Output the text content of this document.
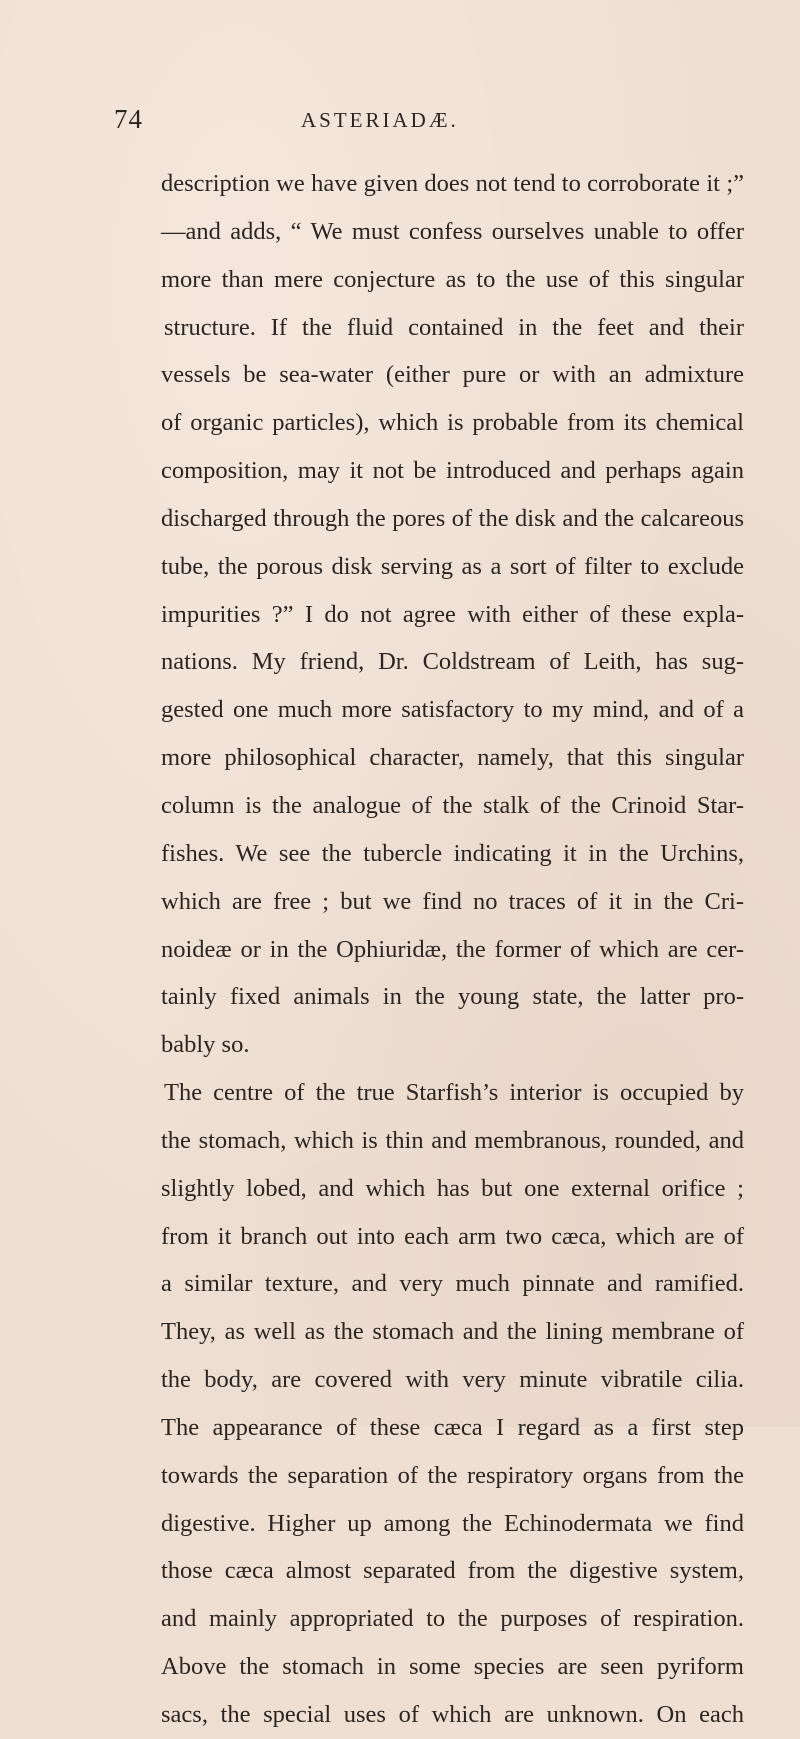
74	ASTERIADÆ.
description we have given does not tend to corroborate it ;”
—and adds, “ We must confess ourselves unable to offer
more than mere conjecture as to the use of this singular
structure. If the fluid contained in the feet and their
vessels be sea-water (either pure or with an admixture
of organic particles), which is probable from its chemical
composition, may it not be introduced and perhaps again
discharged through the pores of the disk and the calcareous
tube, the porous disk serving as a sort of filter to exclude
impurities ?” I do not agree with either of these expla-
nations. My friend, Dr. Coldstream of Leith, has sug-
gested one much more satisfactory to my mind, and of a
more philosophical character, namely, that this singular
column is the analogue of the stalk of the Crinoid Star-
fishes. We see the tubercle indicating it in the Urchins,
which are free ; but we find no traces of it in the Cri-
noideæ or in the Ophiuridæ, the former of which are cer-
tainly fixed animals in the young state, the latter pro-
bably so.
The centre of the true Starfish’s interior is occupied by
the stomach, which is thin and membranous, rounded, and
slightly lobed, and which has but one external orifice ;
from it branch out into each arm two cæca, which are of
a similar texture, and very much pinnate and ramified.
They, as well as the stomach and the lining membrane of
the body, are covered with very minute vibratile cilia.
The appearance of these cæca I regard as a first step
towards the separation of the respiratory organs from the
digestive. Higher up among the Echinodermata we find
those cæca almost separated from the digestive system,
and mainly appropriated to the purposes of respiration.
Above the stomach in some species are seen pyriform
sacs, the special uses of which are unknown. On each
